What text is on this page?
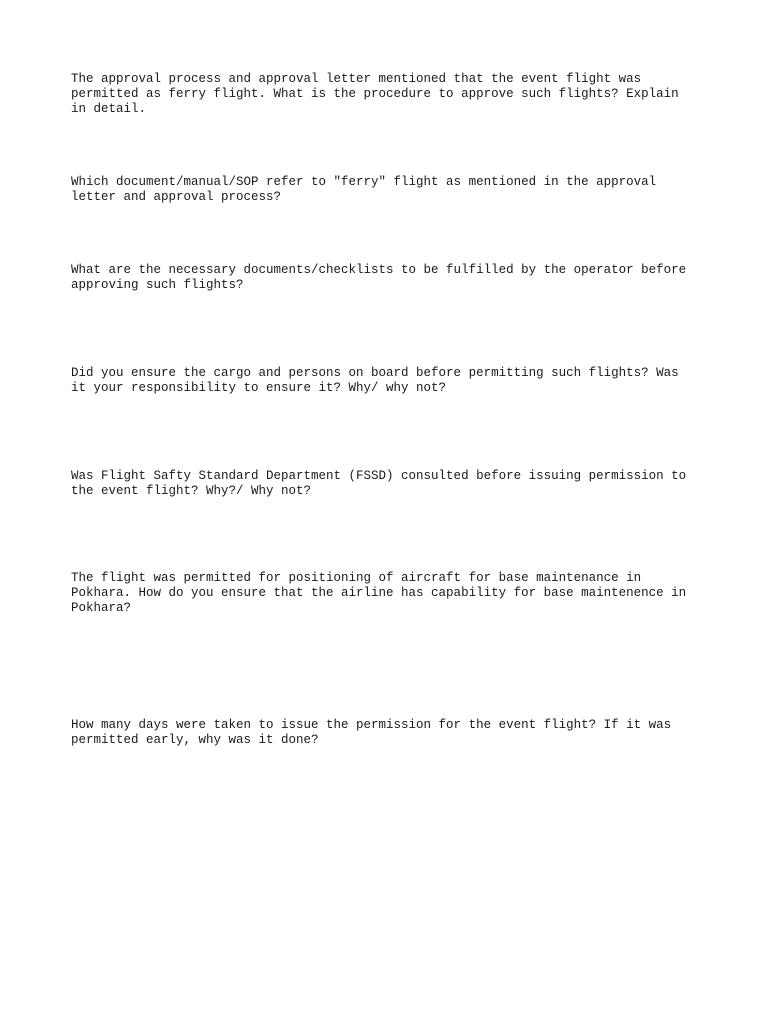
The approval process and approval letter mentioned that the event flight was
permitted as ferry flight. What is the procedure to approve such flights? Explain
in detail.

Which document/manual/SOP refer to "ferry" flight as mentioned in the approval
letter and approval process?

What are the necessary documents/checklists to be fulfilled by the operator before
approving such flights?

Did you ensure the cargo and persons on board before permitting such flights? Was
it your responsibility to ensure it? Why/ why not?

Was Flight Safty Standard Department (FSSD) consulted before issuing permission to
the event flight? Why?/ Why not?

The flight was permitted for positioning of aircraft for base maintenance in
Pokhara. How do you ensure that the airline has capability for base maintenence in
Pokhara?

How many days were taken to issue the permission for the event flight? If it was
permitted early, why was it done?
